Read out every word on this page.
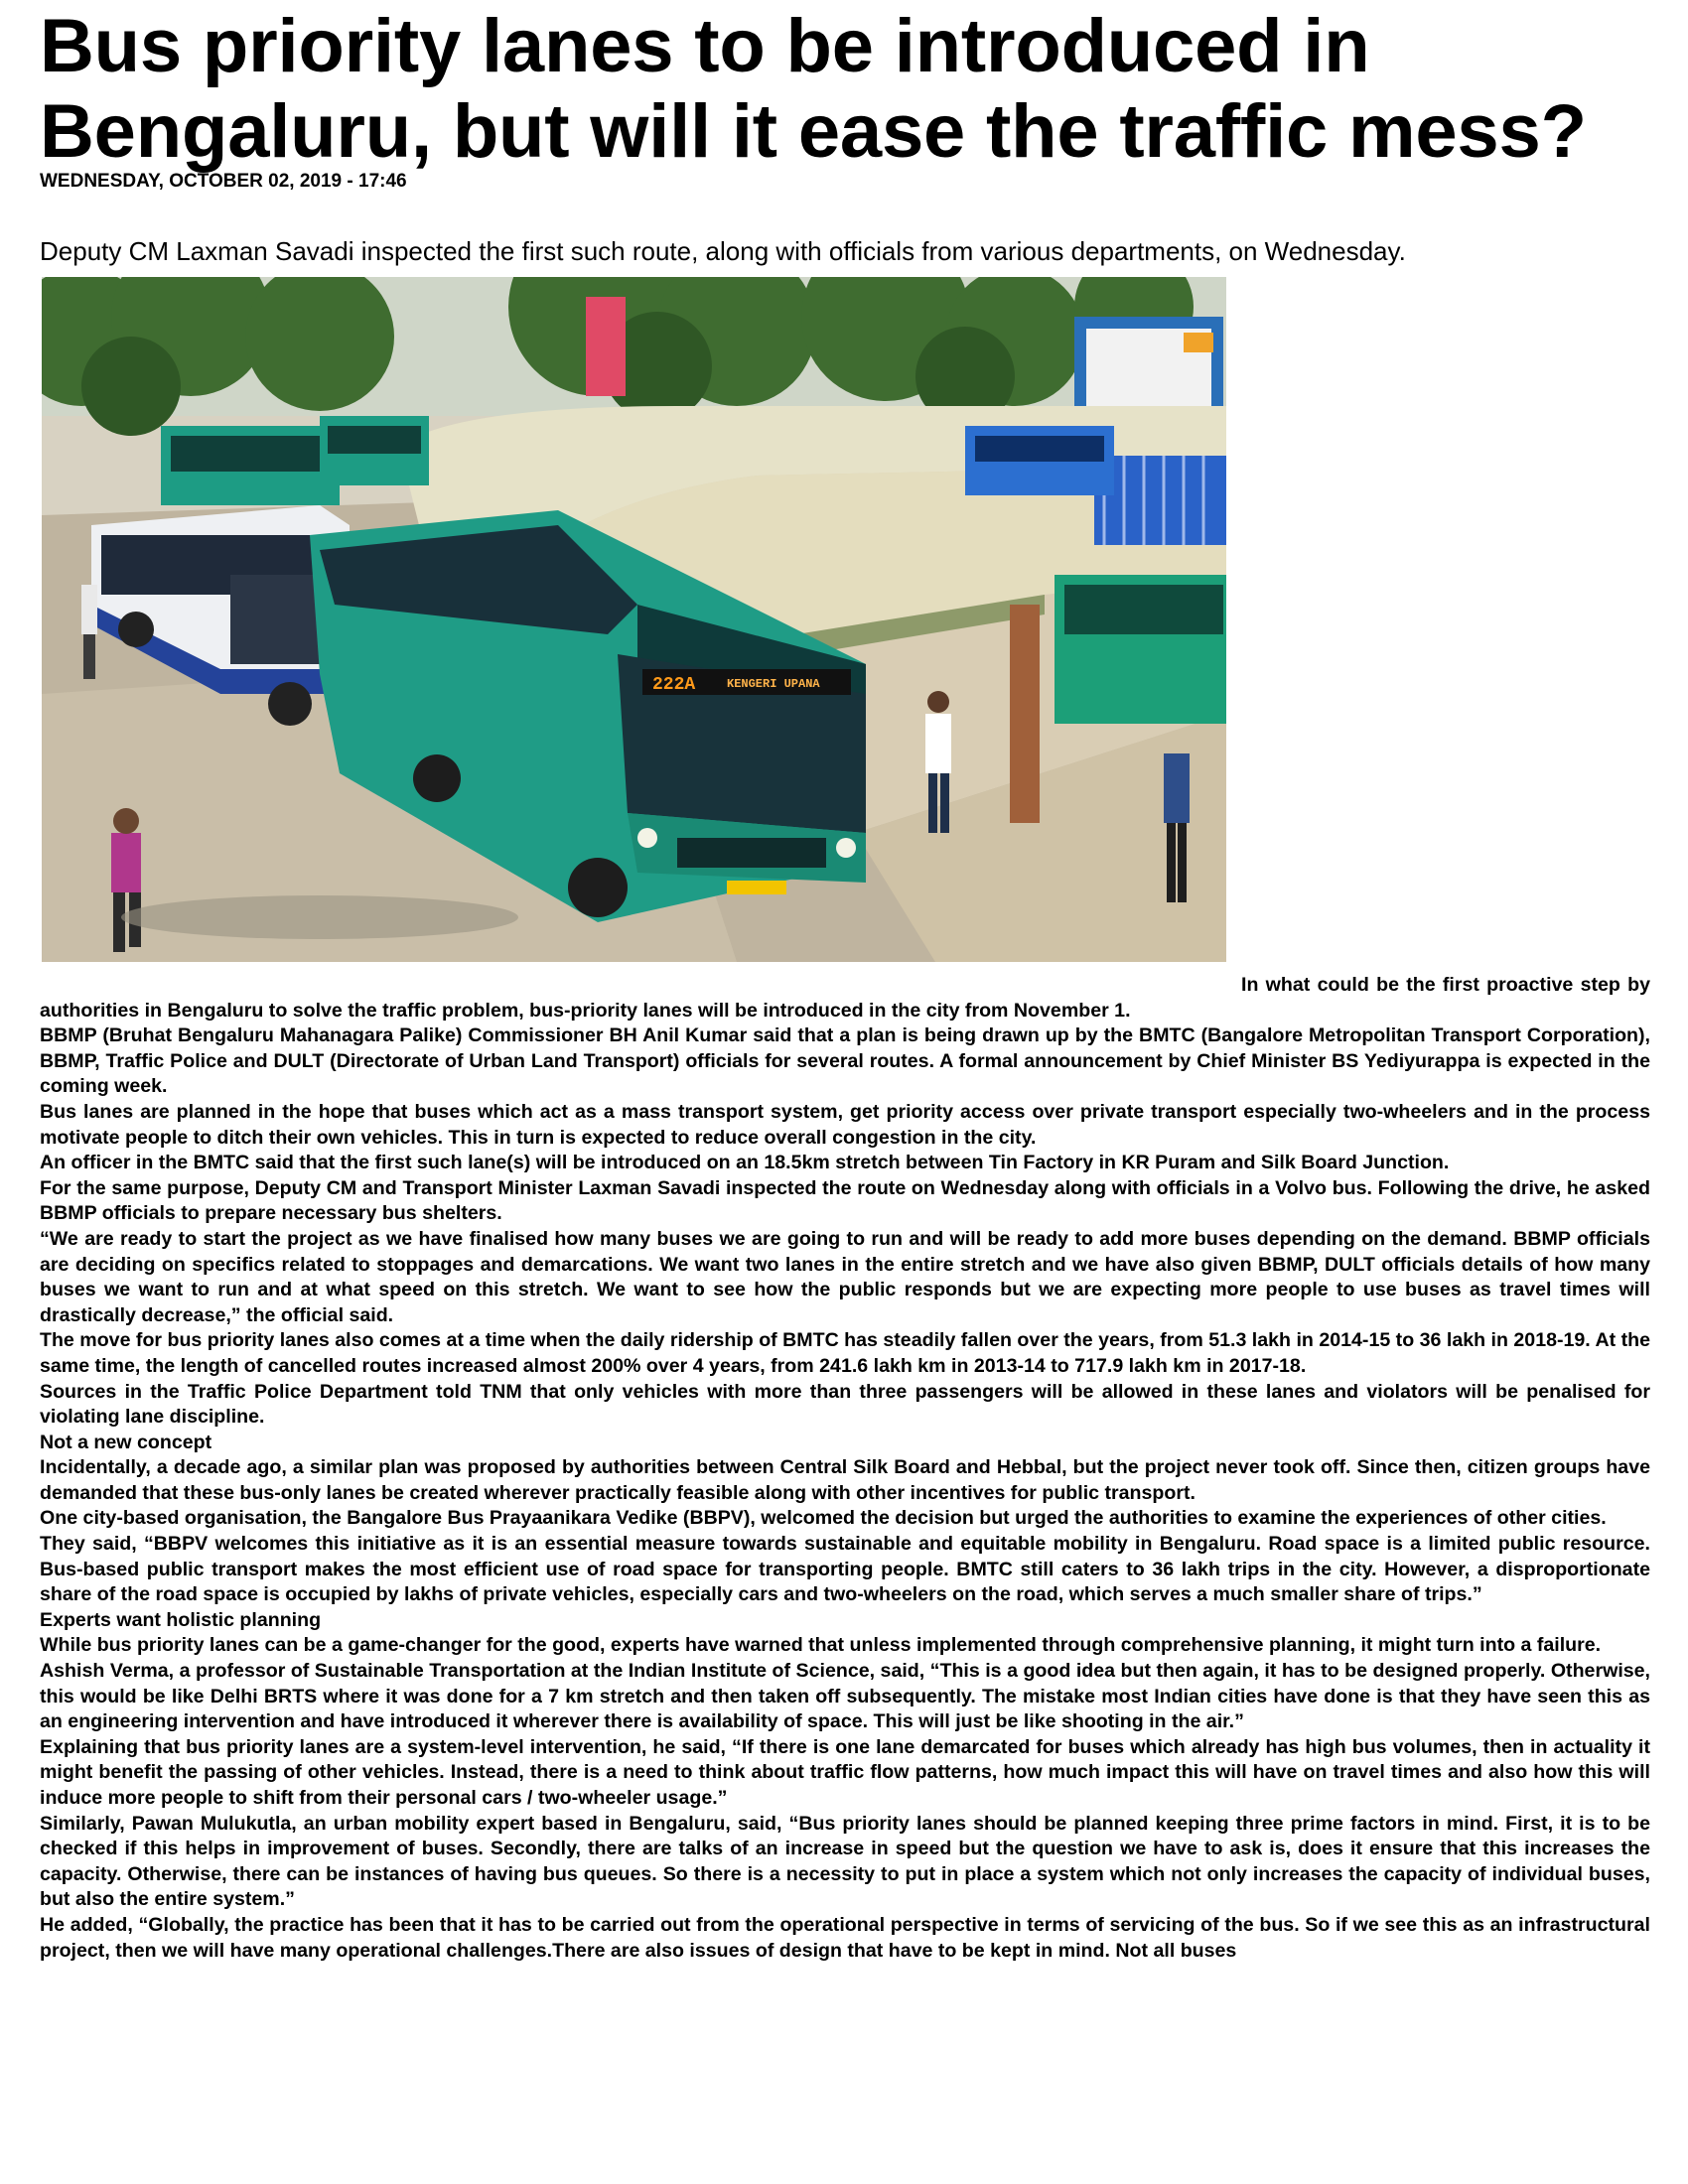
Bus priority lanes to be introduced in Bengaluru, but will it ease the traffic mess?
WEDNESDAY, OCTOBER 02, 2019 - 17:46
Deputy CM Laxman Savadi inspected the first such route, along with officials from various departments, on Wednesday.
222A	KENGERI UPANA

In what could be the first proactive step by authorities in Bengaluru to solve the traffic problem, bus-priority lanes will be introduced in the city from November 1.

BBMP (Bruhat Bengaluru Mahanagara Palike) Commissioner BH Anil Kumar said that a plan is being drawn up by the BMTC (Bangalore Metropolitan Transport Corporation), BBMP, Traffic Police and DULT (Directorate of Urban Land Transport) officials for several routes. A formal announcement by Chief Minister BS Yediyurappa is expected in the coming week.

Bus lanes are planned in the hope that buses which act as a mass transport system, get priority access over private transport especially two-wheelers and in the process motivate people to ditch their own vehicles. This in turn is expected to reduce overall congestion in the city.

An officer in the BMTC said that the first such lane(s) will be introduced on an 18.5km stretch between Tin Factory in KR Puram and Silk Board Junction.

For the same purpose, Deputy CM and Transport Minister Laxman Savadi inspected the route on Wednesday along with officials in a Volvo bus. Following the drive, he asked BBMP officials to prepare necessary bus shelters.

“We are ready to start the project as we have finalised how many buses we are going to run and will be ready to add more buses depending on the demand. BBMP officials are deciding on specifics related to stoppages and demarcations. We want two lanes in the entire stretch and we have also given BBMP, DULT officials details of how many buses we want to run and at what speed on this stretch. We want to see how the public responds but we are expecting more people to use buses as travel times will drastically decrease,” the official said.

The move for bus priority lanes also comes at a time when the daily ridership of BMTC has steadily fallen over the years, from 51.3 lakh in 2014-15 to 36 lakh in 2018-19. At the same time, the length of cancelled routes increased almost 200% over 4 years, from 241.6 lakh km in 2013-14 to 717.9 lakh km in 2017-18.

Sources in the Traffic Police Department told TNM that only vehicles with more than three passengers will be allowed in these lanes and violators will be penalised for violating lane discipline.

Not a new concept

Incidentally, a decade ago, a similar plan was proposed by authorities between Central Silk Board and Hebbal, but the project never took off. Since then, citizen groups have demanded that these bus-only lanes be created wherever practically feasible along with other incentives for public transport.

One city-based organisation, the Bangalore Bus Prayaanikara Vedike (BBPV), welcomed the decision but urged the authorities to examine the experiences of other cities.

They said, “BBPV welcomes this initiative as it is an essential measure towards sustainable and equitable mobility in Bengaluru. Road space is a limited public resource. Bus-based public transport makes the most efficient use of road space for transporting people. BMTC still caters to 36 lakh trips in the city. However, a disproportionate share of the road space is occupied by lakhs of private vehicles, especially cars and two-wheelers on the road, which serves a much smaller share of trips.”

Experts want holistic planning

While bus priority lanes can be a game-changer for the good, experts have warned that unless implemented through comprehensive planning, it might turn into a failure.

Ashish Verma, a professor of Sustainable Transportation at the Indian Institute of Science, said, “This is a good idea but then again, it has to be designed properly. Otherwise, this would be like Delhi BRTS where it was done for a 7 km stretch and then taken off subsequently. The mistake most Indian cities have done is that they have seen this as an engineering intervention and have introduced it wherever there is availability of space. This will just be like shooting in the air.”

Explaining that bus priority lanes are a system-level intervention, he said, “If there is one lane demarcated for buses which already has high bus volumes, then in actuality it might benefit the passing of other vehicles. Instead, there is a need to think about traffic flow patterns, how much impact this will have on travel times and also how this will induce more people to shift from their personal cars / two-wheeler usage.”

Similarly, Pawan Mulukutla, an urban mobility expert based in Bengaluru, said, “Bus priority lanes should be planned keeping three prime factors in mind. First, it is to be checked if this helps in improvement of buses. Secondly, there are talks of an increase in speed but the question we have to ask is, does it ensure that this increases the capacity. Otherwise, there can be instances of having bus queues. So there is a necessity to put in place a system which not only increases the capacity of individual buses, but also the entire system.”

He added, “Globally, the practice has been that it has to be carried out from the operational perspective in terms of servicing of the bus. So if we see this as an infrastructural project, then we will have many operational challenges.There are also issues of design that have to be kept in mind. Not all buses
